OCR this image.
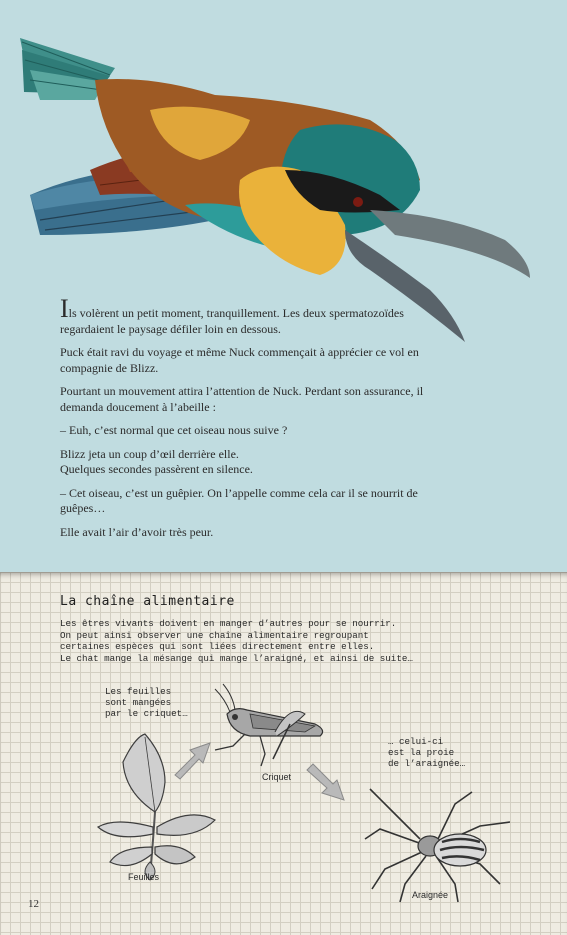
Ils volèrent un petit moment, tranquillement. Les deux spermatozoïdes regardaient le paysage défiler loin en dessous.

Puck était ravi du voyage et même Nuck commençait à apprécier ce vol en compagnie de Blizz.

Pourtant un mouvement attira l’attention de Nuck. Perdant son assurance, il demanda doucement à l’abeille :

– Euh, c’est normal que cet oiseau nous suive ?

Blizz jeta un coup d’œil derrière elle.
Quelques secondes passèrent en silence.

– Cet oiseau, c’est un guêpier. On l’appelle comme cela car il se nourrit de guêpes…

Elle avait l’air d’avoir très peur.

La chaîne alimentaire
Les êtres vivants doivent en manger d’autres pour se nourrir.
On peut ainsi observer une chaîne alimentaire regroupant
certaines espèces qui sont liées directement entre elles.
Le chat mange la mésange qui mange l’araigné, et ainsi de suite…
Les feuilles
sont mangées
par le criquet…
… celui-ci
est la proie
de l’araignée…
Feuilles
Criquet
Araignée
12
